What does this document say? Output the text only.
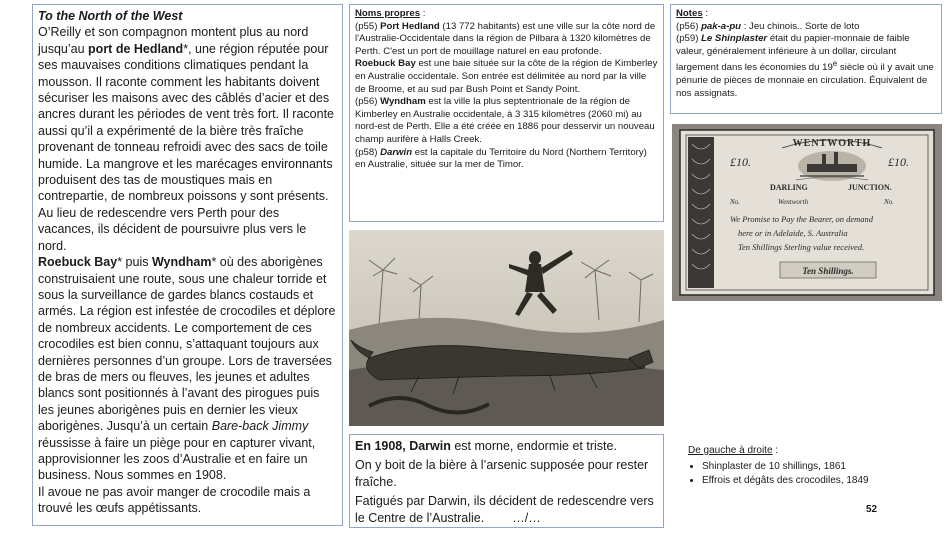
To the North of the West

O’Reilly et son compagnon montent plus au nord jusqu’au port de Hedland*, une région réputée pour ses mauvaises conditions climatiques pendant la mousson. Il raconte comment les habitants doivent sécuriser les maisons avec des câblés d’acier et des ancres durant les périodes de vent très fort. Il raconte aussi qu’il a expérimenté de la bière très fraîche provenant de tonneau refroidi avec des sacs de toile humide. La mangrove et les marécages environnants produisent des tas de moustiques mais en contrepartie, de nombreux poissons y sont présents.

Au lieu de redescendre vers Perth pour des vacances, ils décident de poursuivre plus vers le nord.

Roebuck Bay* puis Wyndham* où des aborigènes construisaient une route, sous une chaleur torride et sous la surveillance de gardes blancs costauds et armés. La région est infestée de crocodiles et déplore de nombreux accidents. Le comportement de ces crocodiles est bien connu, s’attaquant toujours aux dernières personnes d’un groupe. Lors de traversées de bras de mers ou fleuves, les jeunes et adultes blancs sont positionnés à l’avant des pirogues puis les jeunes aborigènes puis en dernier les vieux aborigènes. Jusqu’à un certain Bare-back Jimmy réussisse à faire un piège pour en capturer vivant, approvisionner les zoos d’Australie et en faire un business. Nous sommes en 1908.

Il avoue ne pas avoir manger de crocodile mais a trouvé les œufs appétissants.

Noms propres :

(p55) Port Hedland (13 772 habitants) est une ville sur la côte nord de l'Australie-Occidentale dans la région de Pilbara à 1320 kilomètres de Perth. C'est un port de mouillage naturel en eau profonde.

Roebuck Bay est une baie située sur la côte de la région de Kimberley en Australie occidentale. Son entrée est délimitée au nord par la ville de Broome, et au sud par Bush Point et Sandy Point.

(p56) Wyndham est la ville la plus septentrionale de la région de Kimberley en Australie occidentale, à 3 315 kilomètres (2060 mi) au nord-est de Perth. Elle a été créée en 1886 pour desservir un nouveau champ aurifère à Halls Creek.

(p58) Darwin est la capitale du Territoire du Nord (Northern Territory) en Australie, située sur la mer de Timor.

Notes :

(p56) pak-a-pu : Jeu chinois.. Sorte de loto

(p59) Le Shinplaster était du papier-monnaie de faible valeur, généralement inférieure à un dollar, circulant largement dans les économies du 19e siècle où il y avait une pénurie de pièces de monnaie en circulation. Équivalent de nos assignats.

WENTWORTH
£10.	£10.
DARLING	JUNCTION.
No.	Wentworth	No.
We Promise to Pay the Bearer, on demand
here or in Adelaide, S. Australia
Ten Shillings Sterling value received.
Ten Shillings.

En 1908, Darwin est morne, endormie et triste.

On y boit de la bière à l’arsenic supposée pour rester fraîche.

Fatigués par Darwin, ils décident de redescendre vers le Centre de l’Australie. …/…

De gauche à droite :
• Shinplaster de 10 shillings, 1861
• Effrois et dégâts des crocodiles, 1849
52
